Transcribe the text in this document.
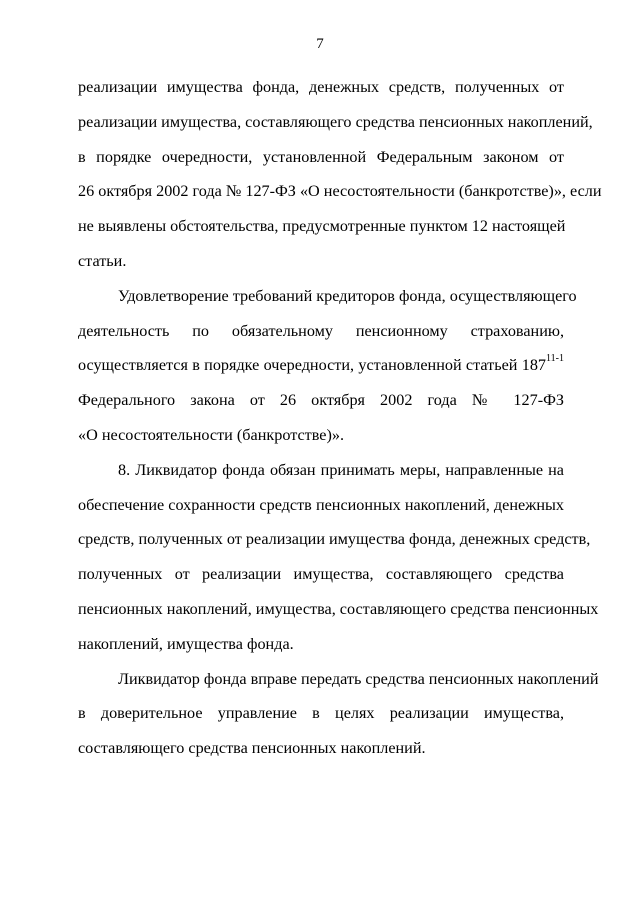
7
реализации имущества фонда, денежных средств, полученных от
реализации имущества, составляющего средства пенсионных накоплений,
в порядке очередности, установленной Федеральным законом от
26 октября 2002 года № 127-ФЗ «О несостоятельности (банкротстве)», если
не выявлены обстоятельства, предусмотренные пунктом 12 настоящей
статьи.
Удовлетворение требований кредиторов фонда, осуществляющего
деятельность по обязательному пенсионному страхованию,
осуществляется в порядке очередности, установленной статьей 187$^{11-1}$
Федерального закона от 26 октября 2002 года № 127-ФЗ
«О несостоятельности (банкротстве)».
8. Ликвидатор фонда обязан принимать меры, направленные на
обеспечение сохранности средств пенсионных накоплений, денежных
средств, полученных от реализации имущества фонда, денежных средств,
полученных от реализации имущества, составляющего средства
пенсионных накоплений, имущества, составляющего средства пенсионных
накоплений, имущества фонда.
Ликвидатор фонда вправе передать средства пенсионных накоплений
в доверительное управление в целях реализации имущества,
составляющего средства пенсионных накоплений.
